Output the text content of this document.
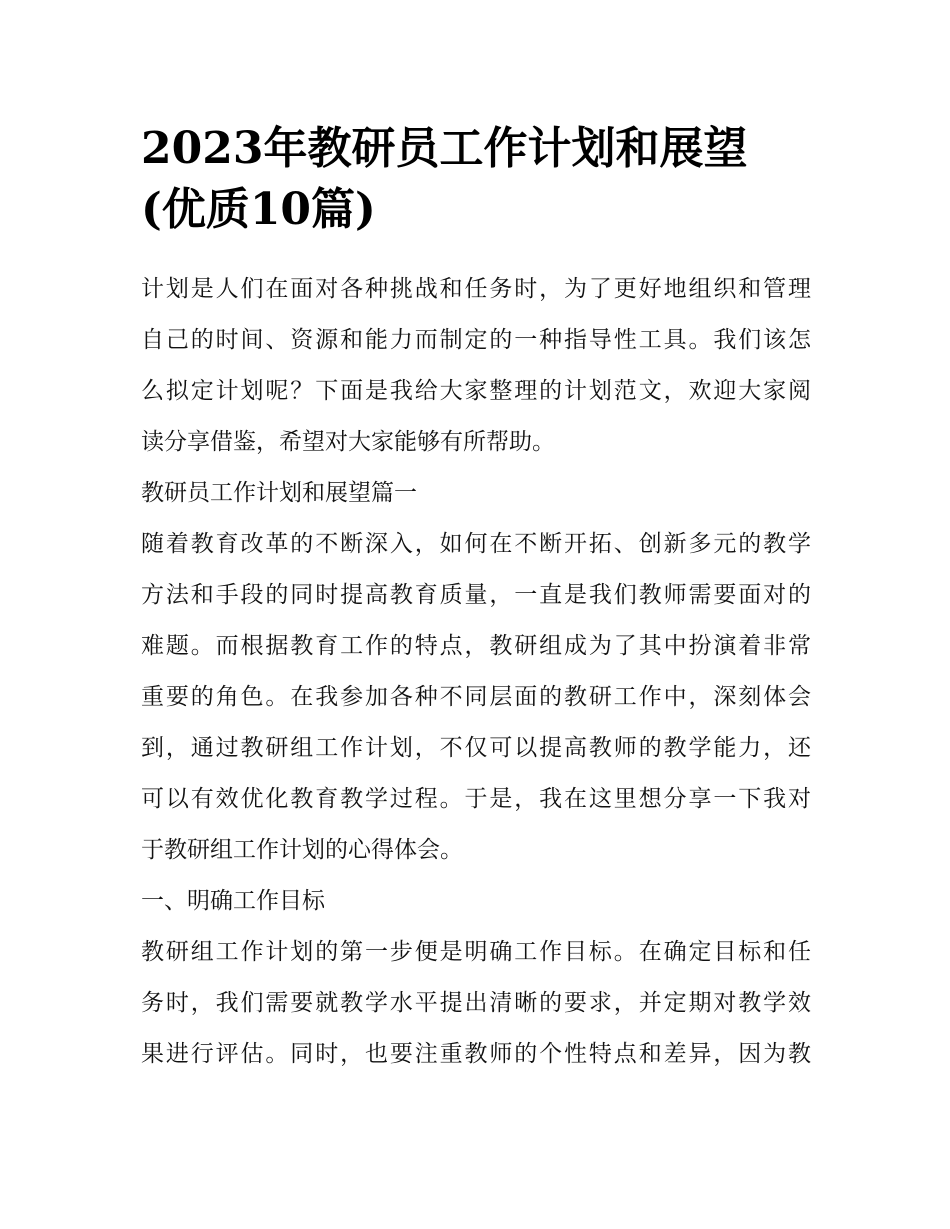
2023年教研员工作计划和展望
(优质10篇)

计划是人们在面对各种挑战和任务时，为了更好地组织和管理
自己的时间、资源和能力而制定的一种指导性工具。我们该怎
么拟定计划呢？下面是我给大家整理的计划范文，欢迎大家阅
读分享借鉴，希望对大家能够有所帮助。

教研员工作计划和展望篇一

随着教育改革的不断深入，如何在不断开拓、创新多元的教学
方法和手段的同时提高教育质量，一直是我们教师需要面对的
难题。而根据教育工作的特点，教研组成为了其中扮演着非常
重要的角色。在我参加各种不同层面的教研工作中，深刻体会
到，通过教研组工作计划，不仅可以提高教师的教学能力，还
可以有效优化教育教学过程。于是，我在这里想分享一下我对
于教研组工作计划的心得体会。

一、明确工作目标

教研组工作计划的第一步便是明确工作目标。在确定目标和任
务时，我们需要就教学水平提出清晰的要求，并定期对教学效
果进行评估。同时，也要注重教师的个性特点和差异，因为教
